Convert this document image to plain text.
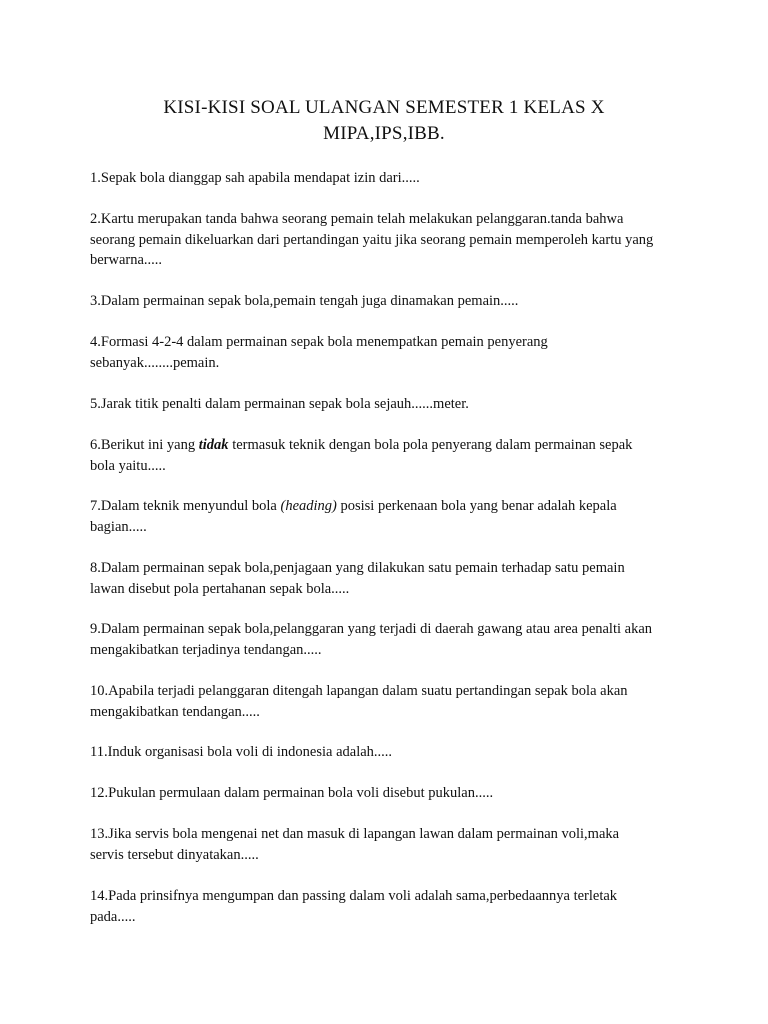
KISI-KISI SOAL ULANGAN SEMESTER 1 KELAS X
MIPA,IPS,IBB.

1.Sepak bola dianggap sah apabila mendapat izin dari.....

2.Kartu merupakan tanda bahwa seorang pemain telah melakukan pelanggaran.tanda bahwa
seorang pemain dikeluarkan dari pertandingan yaitu jika seorang pemain memperoleh kartu yang
berwarna.....

3.Dalam permainan sepak bola,pemain tengah juga dinamakan pemain.....

4.Formasi 4-2-4 dalam permainan sepak bola menempatkan pemain penyerang
sebanyak........pemain.

5.Jarak titik penalti dalam permainan sepak bola sejauh......meter.

6.Berikut ini yang tidak termasuk teknik dengan bola pola penyerang dalam permainan sepak
bola yaitu.....

7.Dalam teknik menyundul bola (heading) posisi perkenaan bola yang benar adalah kepala
bagian.....

8.Dalam permainan sepak bola,penjagaan yang dilakukan satu pemain terhadap satu pemain
lawan disebut pola pertahanan sepak bola.....

9.Dalam permainan sepak bola,pelanggaran yang terjadi di daerah gawang atau area penalti akan
mengakibatkan terjadinya tendangan.....

10.Apabila terjadi pelanggaran ditengah lapangan dalam suatu pertandingan sepak bola akan
mengakibatkan tendangan.....

11.Induk organisasi bola voli di indonesia adalah.....

12.Pukulan permulaan dalam permainan bola voli disebut pukulan.....

13.Jika servis bola mengenai net dan masuk di lapangan lawan dalam permainan voli,maka
servis tersebut dinyatakan.....

14.Pada prinsifnya mengumpan dan passing dalam voli adalah sama,perbedaannya terletak
pada.....
